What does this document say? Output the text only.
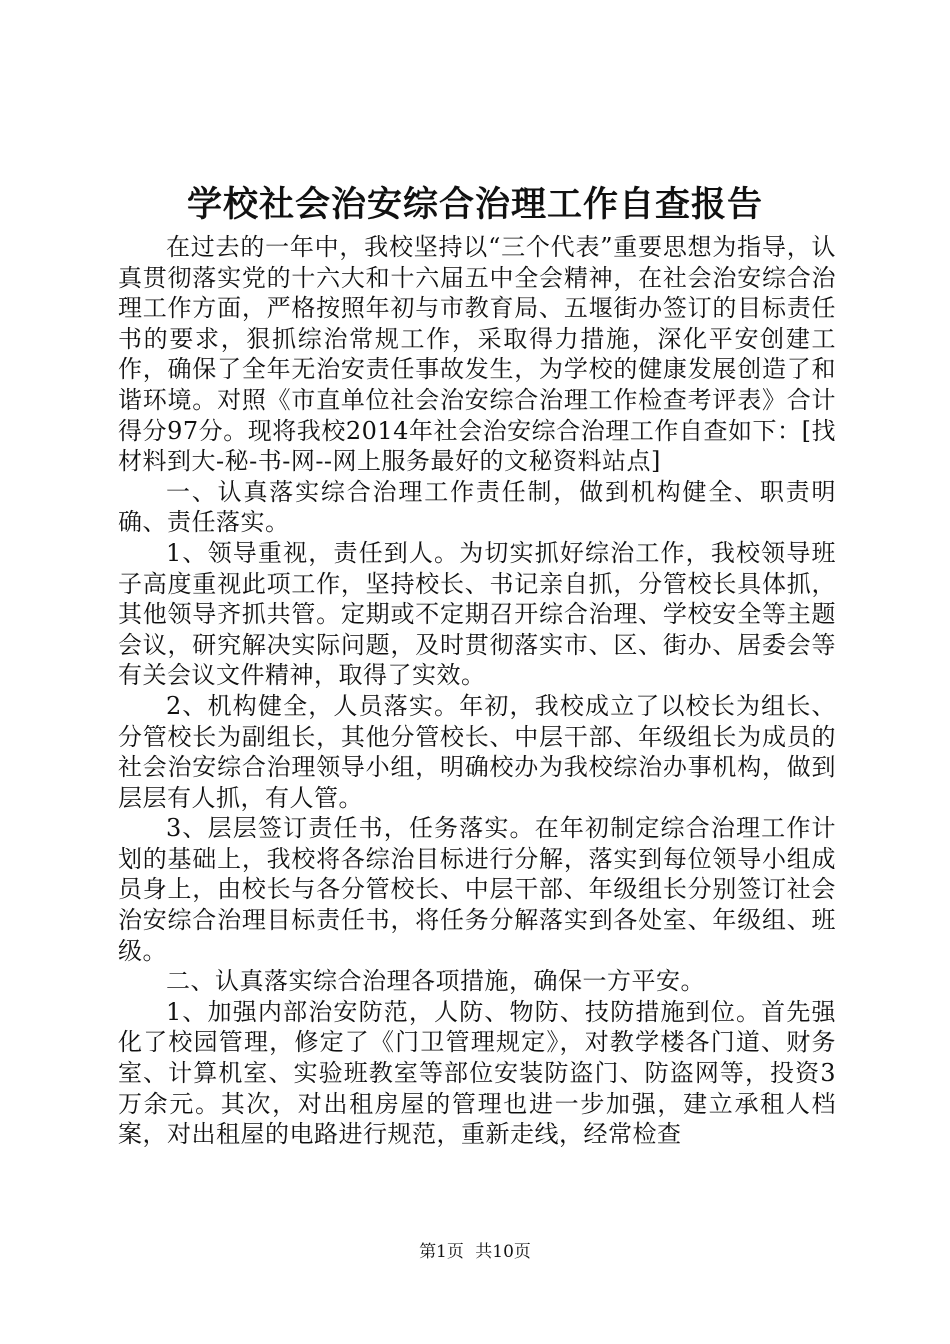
学校社会治安综合治理工作自查报告

在过去的一年中，我校坚持以“三个代表”重要思想为指导，认真贯彻落实党的十六大和十六届五中全会精神，在社会治安综合治理工作方面，严格按照年初与市教育局、五堰街办签订的目标责任书的要求，狠抓综治常规工作，采取得力措施，深化平安创建工作，确保了全年无治安责任事故发生，为学校的健康发展创造了和谐环境。对照《市直单位社会治安综合治理工作检查考评表》合计得分97分。现将我校2014年社会治安综合治理工作自查如下：[找材料到大-秘-书-网--网上服务最好的文秘资料站点]

一、认真落实综合治理工作责任制，做到机构健全、职责明确、责任落实。

1、领导重视，责任到人。为切实抓好综治工作，我校领导班子高度重视此项工作，坚持校长、书记亲自抓，分管校长具体抓，其他领导齐抓共管。定期或不定期召开综合治理、学校安全等主题会议，研究解决实际问题，及时贯彻落实市、区、街办、居委会等有关会议文件精神，取得了实效。

2、机构健全，人员落实。年初，我校成立了以校长为组长、分管校长为副组长，其他分管校长、中层干部、年级组长为成员的社会治安综合治理领导小组，明确校办为我校综治办事机构，做到层层有人抓，有人管。

3、层层签订责任书，任务落实。在年初制定综合治理工作计划的基础上，我校将各综治目标进行分解，落实到每位领导小组成员身上，由校长与各分管校长、中层干部、年级组长分别签订社会治安综合治理目标责任书，将任务分解落实到各处室、年级组、班级。

二、认真落实综合治理各项措施，确保一方平安。

1、加强内部治安防范，人防、物防、技防措施到位。首先强化了校园管理，修定了《门卫管理规定》，对教学楼各门道、财务室、计算机室、实验班教室等部位安装防盗门、防盗网等，投资3万余元。其次，对出租房屋的管理也进一步加强，建立承租人档案，对出租屋的电路进行规范，重新走线，经常检查

第1页 共10页
